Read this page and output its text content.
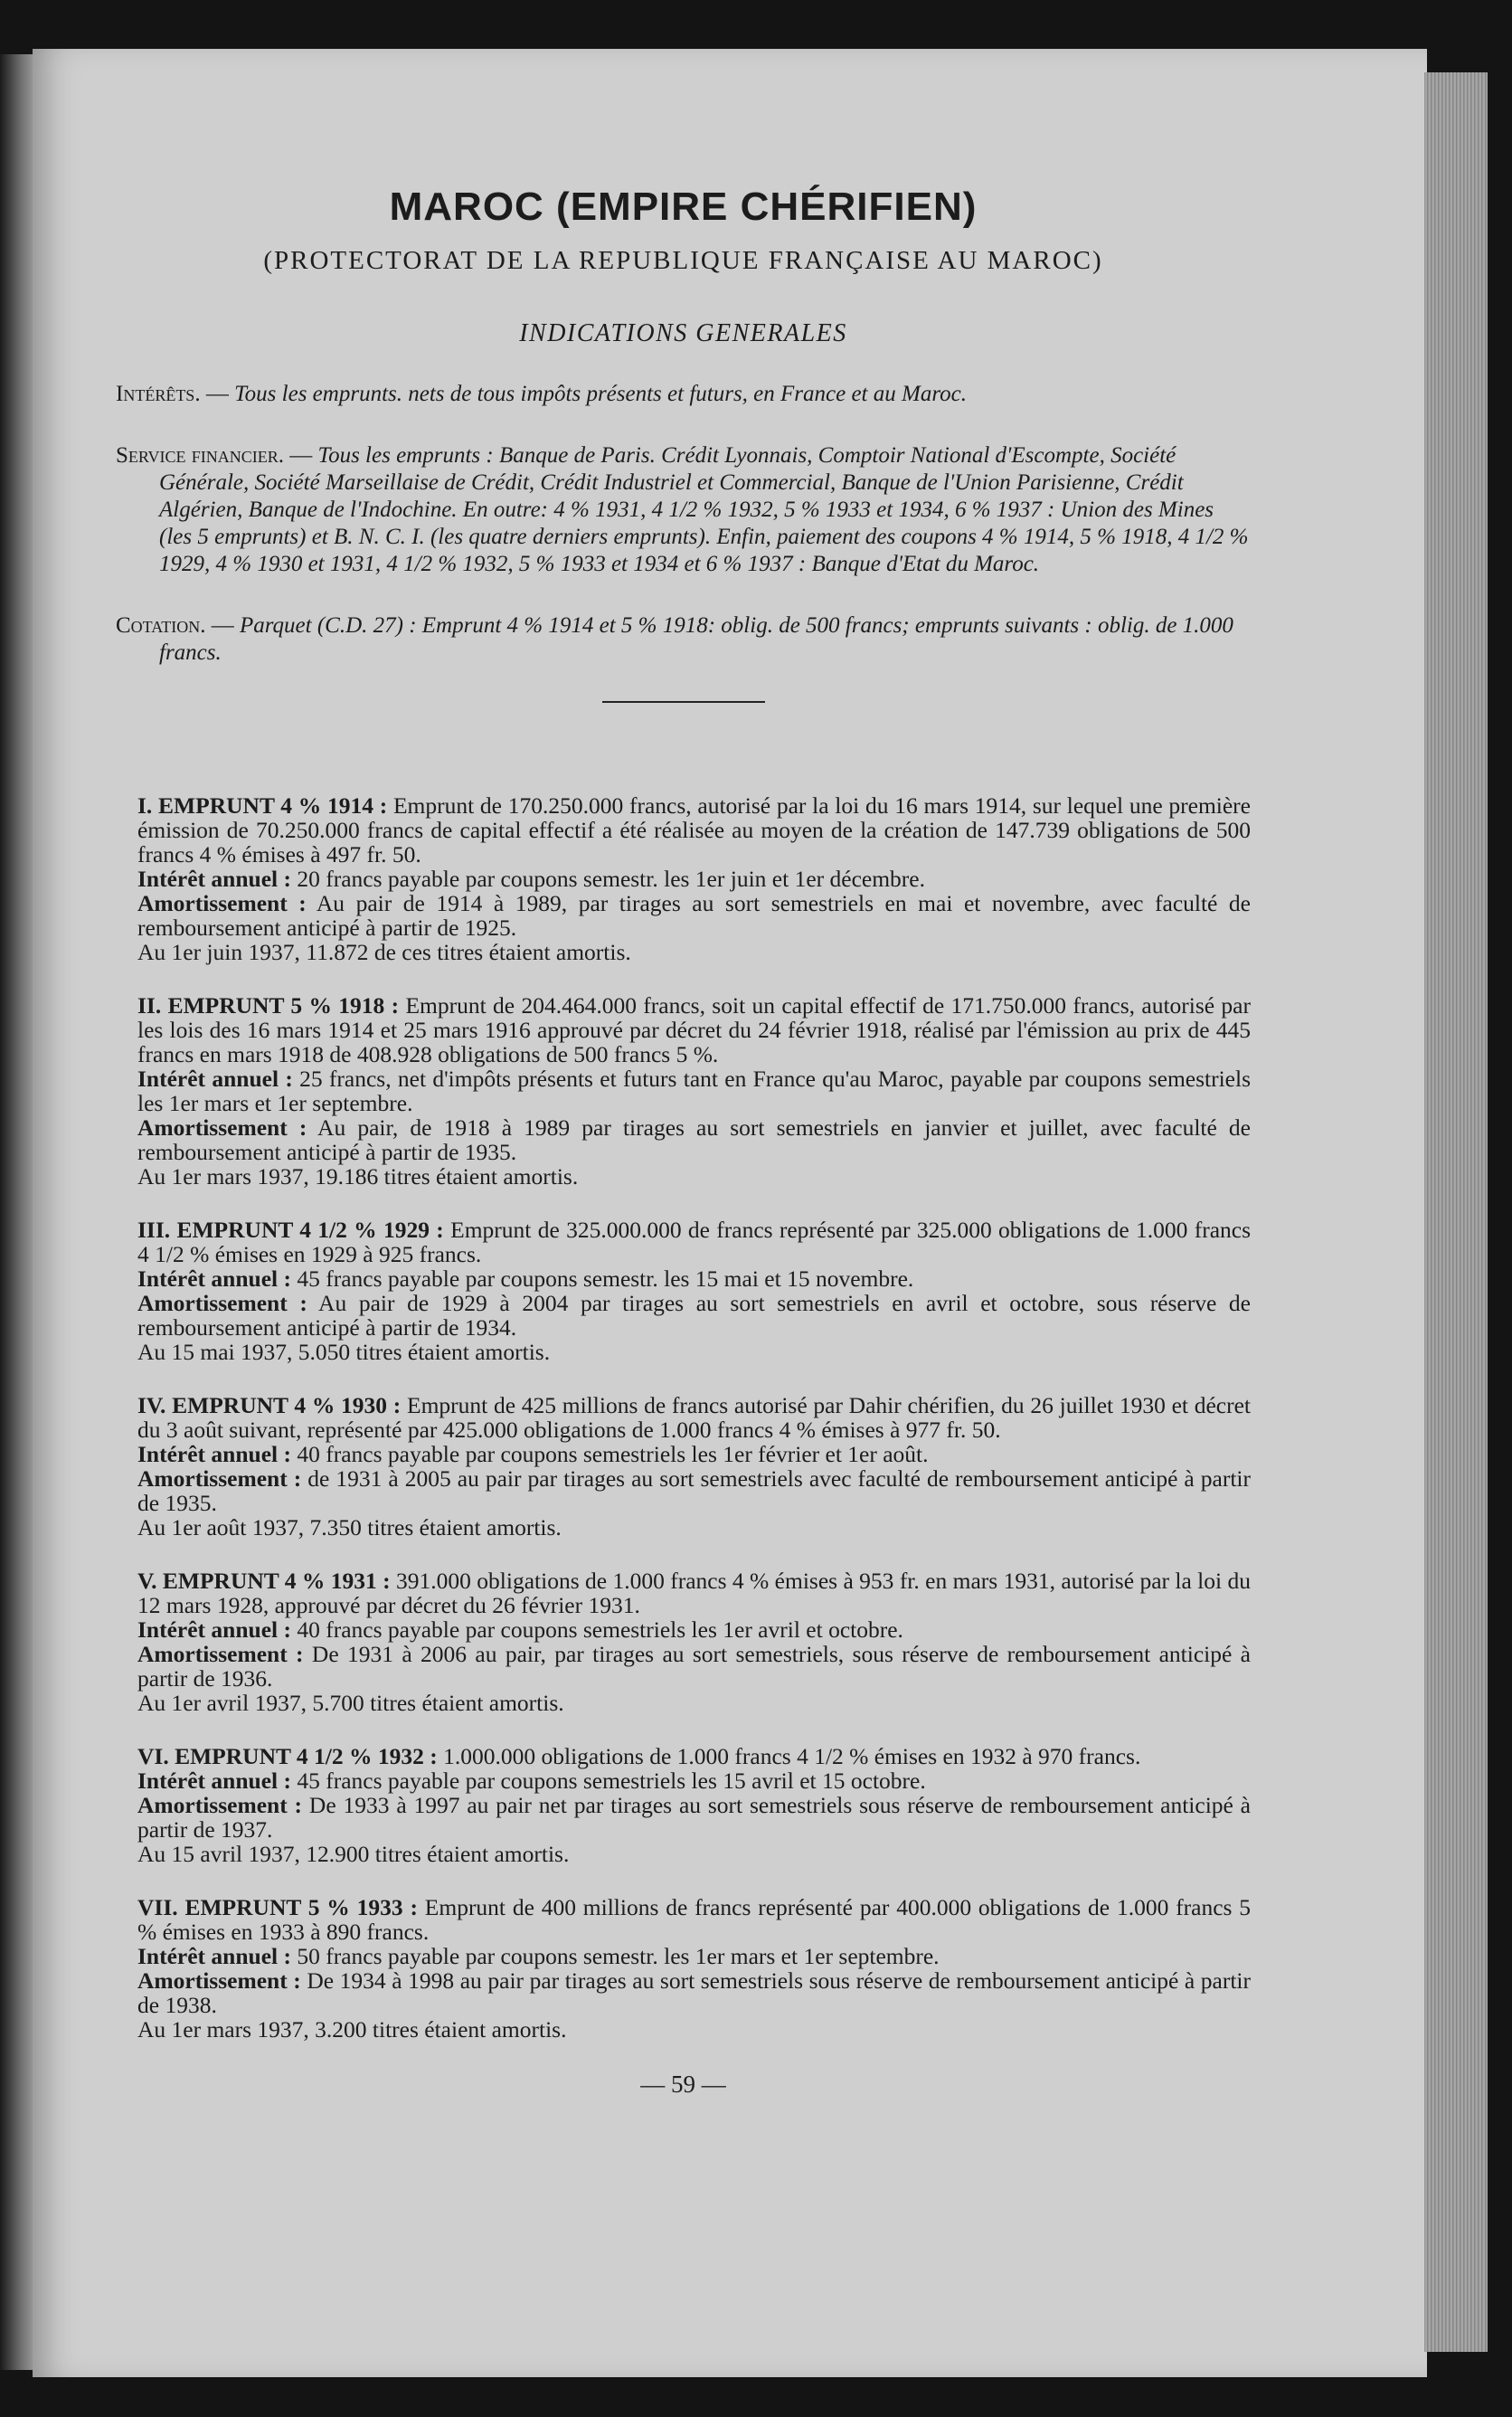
MAROC (EMPIRE CHÉRIFIEN)
(PROTECTORAT DE LA REPUBLIQUE FRANÇAISE AU MAROC)
INDICATIONS GENERALES
Intérêts. — Tous les emprunts. nets de tous impôts présents et futurs, en France et au Maroc.
Service financier. — Tous les emprunts : Banque de Paris. Crédit Lyonnais, Comptoir National d'Escompte, Société Générale, Société Marseillaise de Crédit, Crédit Industriel et Commercial, Banque de l'Union Parisienne, Crédit Algérien, Banque de l'Indochine. En outre: 4 % 1931, 4 1/2 % 1932, 5 % 1933 et 1934, 6 % 1937 : Union des Mines (les 5 emprunts) et B. N. C. I. (les quatre derniers emprunts). Enfin, paiement des coupons 4 % 1914, 5 % 1918, 4 1/2 % 1929, 4 % 1930 et 1931, 4 1/2 % 1932, 5 % 1933 et 1934 et 6 % 1937 : Banque d'Etat du Maroc.
Cotation. — Parquet (C.D. 27) : Emprunt 4 % 1914 et 5 % 1918: oblig. de 500 francs; emprunts suivants : oblig. de 1.000 francs.

I. EMPRUNT 4 % 1914 : Emprunt de 170.250.000 francs, autorisé par la loi du 16 mars 1914, sur lequel une première émission de 70.250.000 francs de capital effectif a été réalisée au moyen de la création de 147.739 obligations de 500 francs 4 % émises à 497 fr. 50.

Intérêt annuel : 20 francs payable par coupons semestr. les 1er juin et 1er décembre.

Amortissement : Au pair de 1914 à 1989, par tirages au sort semestriels en mai et novembre, avec faculté de remboursement anticipé à partir de 1925.

Au 1er juin 1937, 11.872 de ces titres étaient amortis.

II. EMPRUNT 5 % 1918 : Emprunt de 204.464.000 francs, soit un capital effectif de 171.750.000 francs, autorisé par les lois des 16 mars 1914 et 25 mars 1916 approuvé par décret du 24 février 1918, réalisé par l'émission au prix de 445 francs en mars 1918 de 408.928 obligations de 500 francs 5 %.

Intérêt annuel : 25 francs, net d'impôts présents et futurs tant en France qu'au Maroc, payable par coupons semestriels les 1er mars et 1er septembre.

Amortissement : Au pair, de 1918 à 1989 par tirages au sort semestriels en janvier et juillet, avec faculté de remboursement anticipé à partir de 1935.

Au 1er mars 1937, 19.186 titres étaient amortis.

III. EMPRUNT 4 1/2 % 1929 : Emprunt de 325.000.000 de francs représenté par 325.000 obligations de 1.000 francs 4 1/2 % émises en 1929 à 925 francs.

Intérêt annuel : 45 francs payable par coupons semestr. les 15 mai et 15 novembre.

Amortissement : Au pair de 1929 à 2004 par tirages au sort semestriels en avril et octobre, sous réserve de remboursement anticipé à partir de 1934.

Au 15 mai 1937, 5.050 titres étaient amortis.

IV. EMPRUNT 4 % 1930 : Emprunt de 425 millions de francs autorisé par Dahir chérifien, du 26 juillet 1930 et décret du 3 août suivant, représenté par 425.000 obligations de 1.000 francs 4 % émises à 977 fr. 50.

Intérêt annuel : 40 francs payable par coupons semestriels les 1er février et 1er août.

Amortissement : de 1931 à 2005 au pair par tirages au sort semestriels avec faculté de remboursement anticipé à partir de 1935.

Au 1er août 1937, 7.350 titres étaient amortis.

V. EMPRUNT 4 % 1931 : 391.000 obligations de 1.000 francs 4 % émises à 953 fr. en mars 1931, autorisé par la loi du 12 mars 1928, approuvé par décret du 26 février 1931.

Intérêt annuel : 40 francs payable par coupons semestriels les 1er avril et octobre.

Amortissement : De 1931 à 2006 au pair, par tirages au sort semestriels, sous réserve de remboursement anticipé à partir de 1936.

Au 1er avril 1937, 5.700 titres étaient amortis.

VI. EMPRUNT 4 1/2 % 1932 : 1.000.000 obligations de 1.000 francs 4 1/2 % émises en 1932 à 970 francs.

Intérêt annuel : 45 francs payable par coupons semestriels les 15 avril et 15 octobre.

Amortissement : De 1933 à 1997 au pair net par tirages au sort semestriels sous réserve de remboursement anticipé à partir de 1937.

Au 15 avril 1937, 12.900 titres étaient amortis.

VII. EMPRUNT 5 % 1933 : Emprunt de 400 millions de francs représenté par 400.000 obligations de 1.000 francs 5 % émises en 1933 à 890 francs.

Intérêt annuel : 50 francs payable par coupons semestr. les 1er mars et 1er septembre.

Amortissement : De 1934 à 1998 au pair par tirages au sort semestriels sous réserve de remboursement anticipé à partir de 1938.

Au 1er mars 1937, 3.200 titres étaient amortis.

— 59 —
